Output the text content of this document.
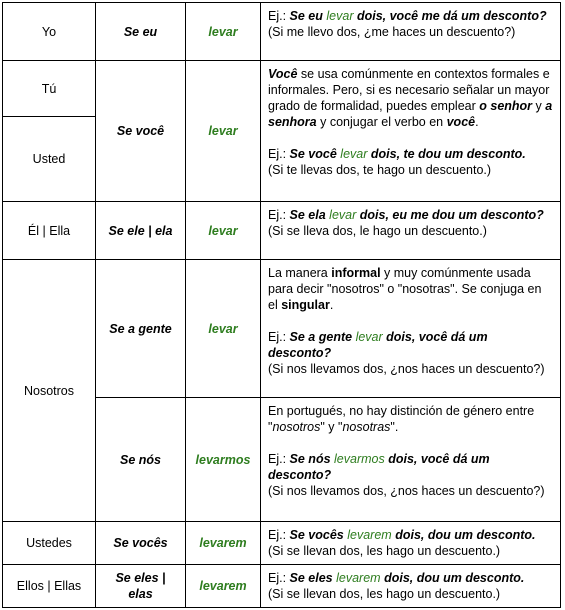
Yo	Se eu	levar	Ej.: Se eu levar dois, você me dá um desconto?
(Si me llevo dos, ¿me haces un descuento?)

Tú	Se você	levar	Você se usa comúnmente en contextos formales e informales. Pero, si es necesario señalar un mayor grado de formalidad, puedes emplear o senhor y a senhora y conjugar el verbo en você.
Ej.: Se você levar dois, te dou um desconto.
(Si te llevas dos, te hago un descuento.)

Usted			
Él | Ella	Se ele | ela	levar	Ej.: Se ela levar dois, eu me dou um desconto?
(Si se lleva dos, le hago un descuento.)

Nosotros	Se a gente	levar	La manera informal y muy comúnmente usada para decir "nosotros" o "nosotras". Se conjuga en el singular.
Ej.: Se a gente levar dois, você dá um desconto?
(Si nos llevamos dos, ¿nos haces un descuento?)

	Se nós	levarmos	En portugués, no hay distinción de género entre "nosotros" y "nosotras".
Ej.: Se nós levarmos dois, você dá um desconto?
(Si nos llevamos dos, ¿nos haces un descuento?)

Ustedes	Se vocês	levarem	Ej.: Se vocês levarem dois, dou um desconto.
(Si se llevan dos, les hago un descuento.)

Ellos | Ellas	Se eles | elas	levarem	Ej.: Se eles levarem dois, dou um desconto.
(Si se llevan dos, les hago un descuento.)
